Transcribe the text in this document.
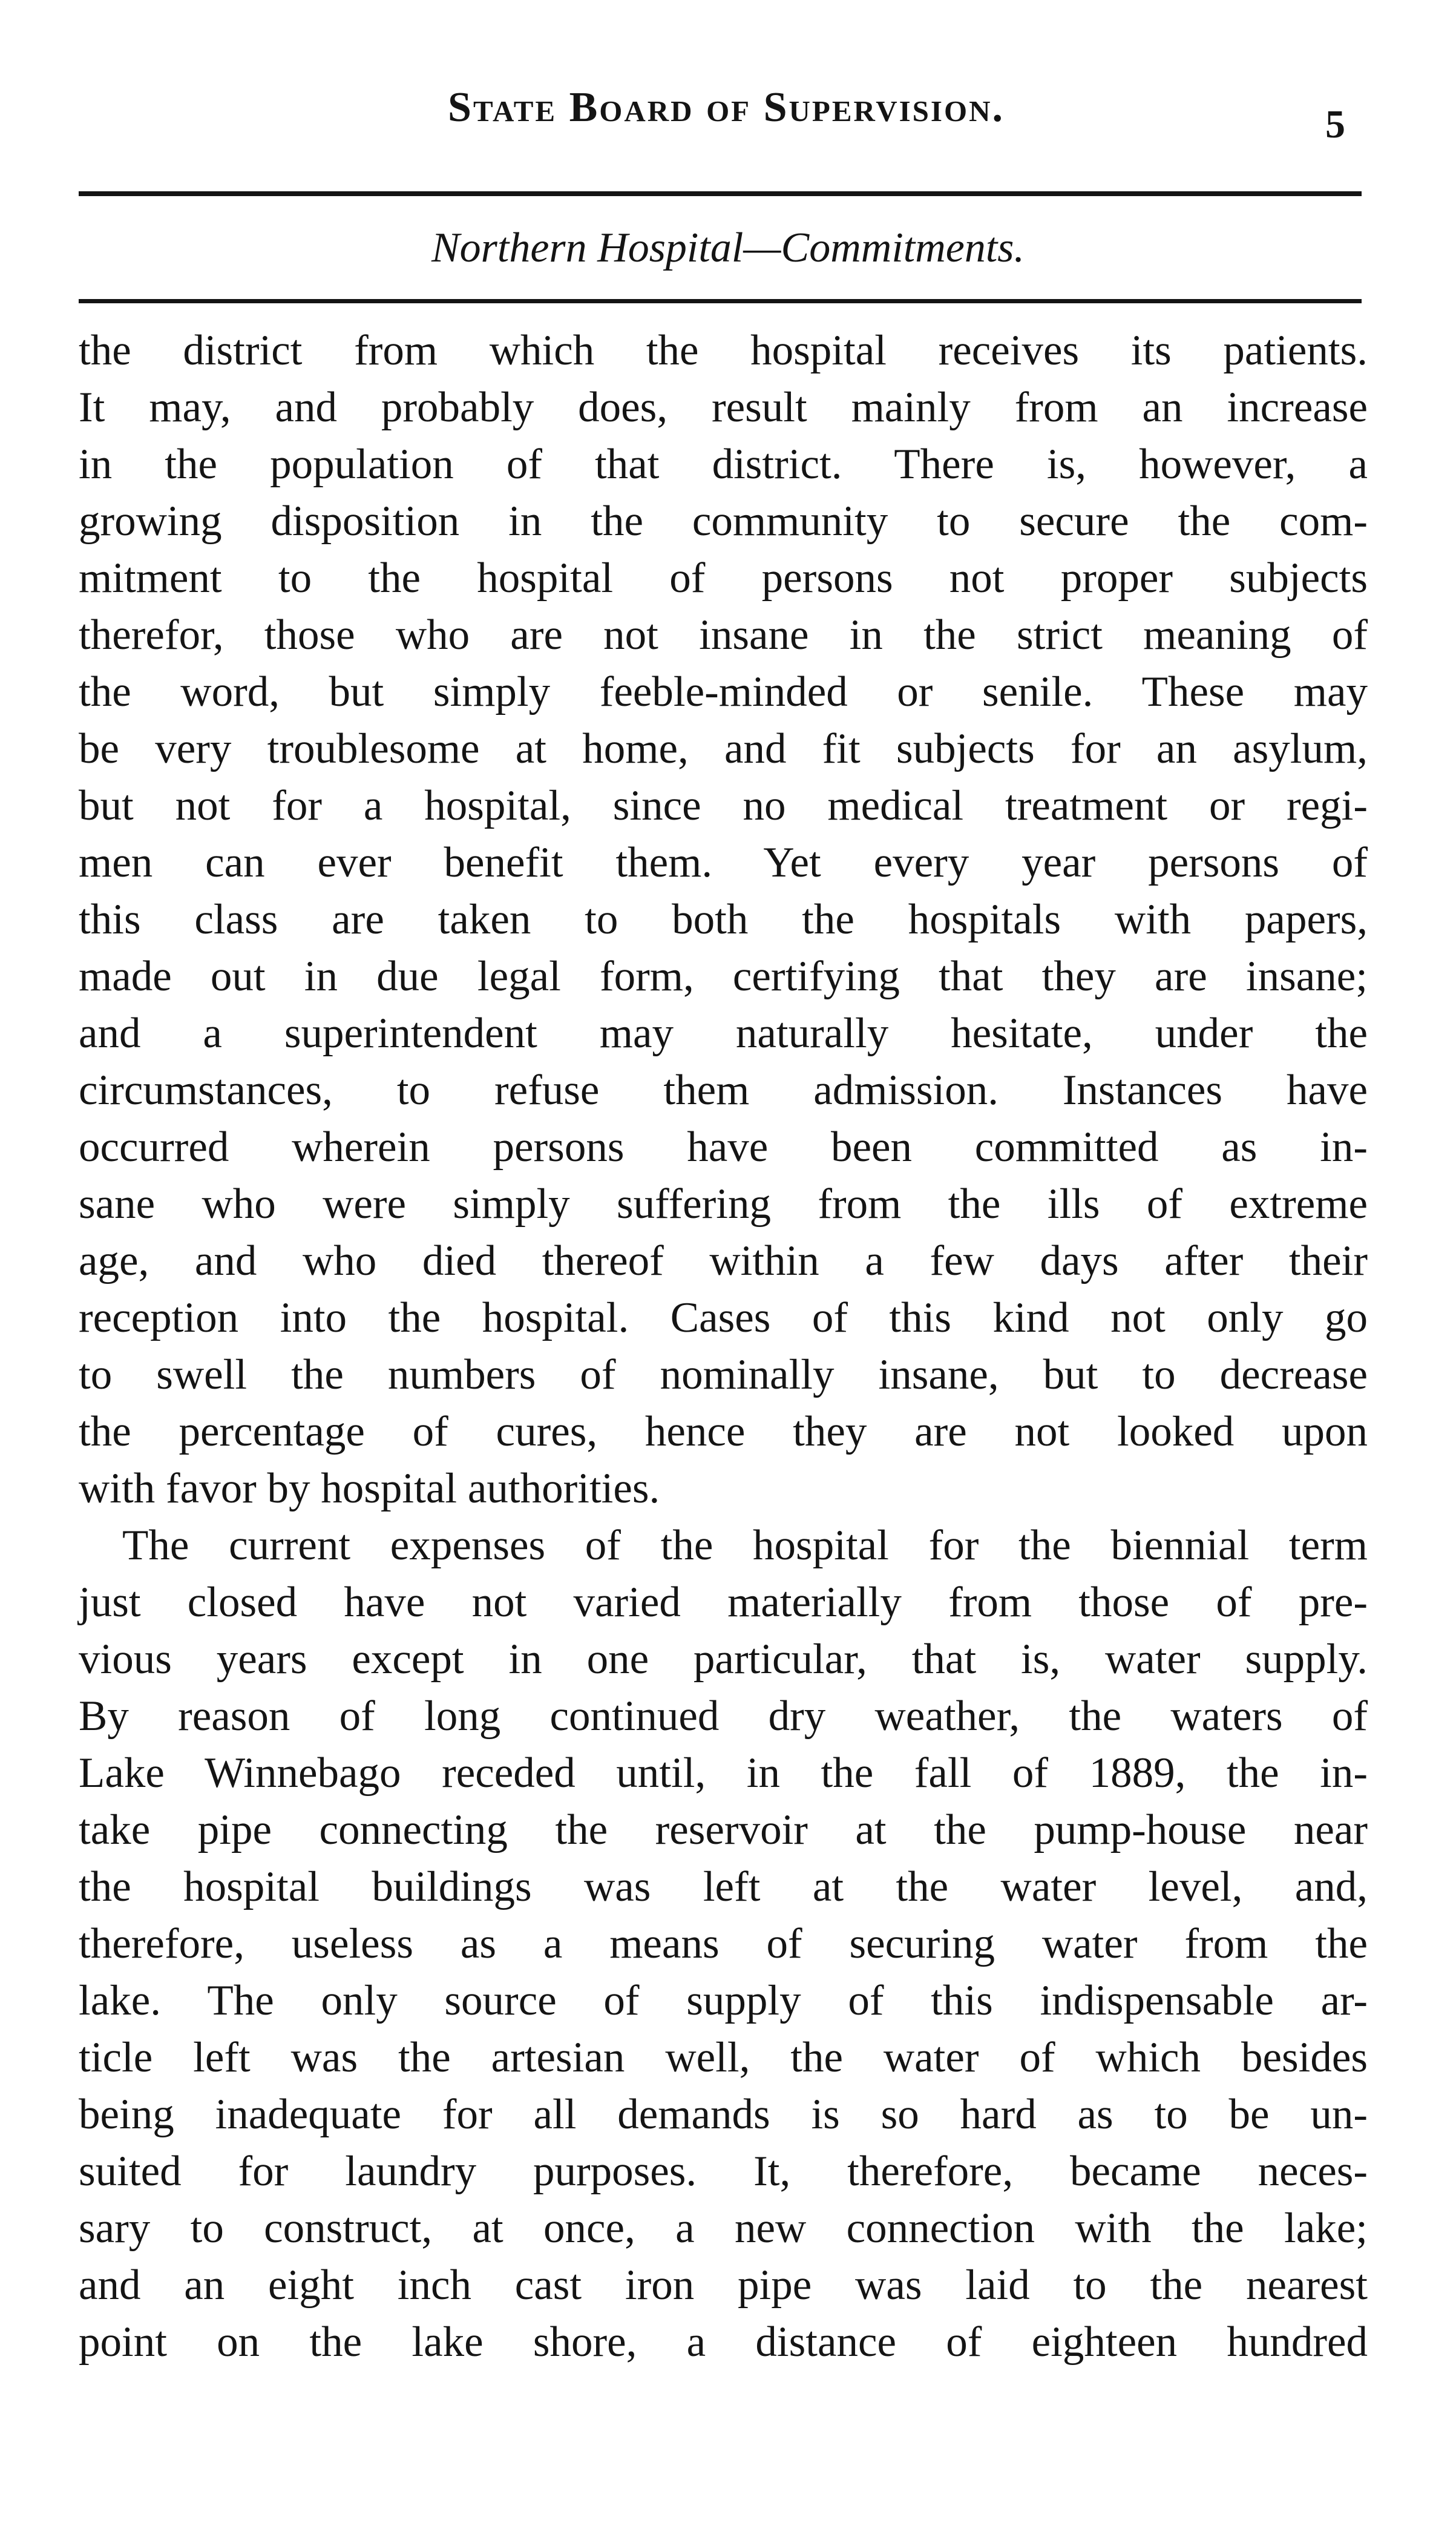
State Board of Supervision.	5
Northern Hospital—Commitments.
the district from which the hospital receives its patients.
It may, and probably does, result mainly from an increase
in the population of that district. There is, however, a
growing disposition in the community to secure the com-
mitment to the hospital of persons not proper subjects
therefor, those who are not insane in the strict meaning of
the word, but simply feeble-minded or senile. These may
be very troublesome at home, and fit subjects for an asylum,
but not for a hospital, since no medical treatment or regi-
men can ever benefit them. Yet every year persons of
this class are taken to both the hospitals with papers,
made out in due legal form, certifying that they are insane;
and a superintendent may naturally hesitate, under the
circumstances, to refuse them admission. Instances have
occurred wherein persons have been committed as in-
sane who were simply suffering from the ills of extreme
age, and who died thereof within a few days after their
reception into the hospital. Cases of this kind not only go
to swell the numbers of nominally insane, but to decrease
the percentage of cures, hence they are not looked upon
with favor by hospital authorities.
The current expenses of the hospital for the biennial term
just closed have not varied materially from those of pre-
vious years except in one particular, that is, water supply.
By reason of long continued dry weather, the waters of
Lake Winnebago receded until, in the fall of 1889, the in-
take pipe connecting the reservoir at the pump-house near
the hospital buildings was left at the water level, and,
therefore, useless as a means of securing water from the
lake. The only source of supply of this indispensable ar-
ticle left was the artesian well, the water of which besides
being inadequate for all demands is so hard as to be un-
suited for laundry purposes. It, therefore, became neces-
sary to construct, at once, a new connection with the lake;
and an eight inch cast iron pipe was laid to the nearest
point on the lake shore, a distance of eighteen hundred
